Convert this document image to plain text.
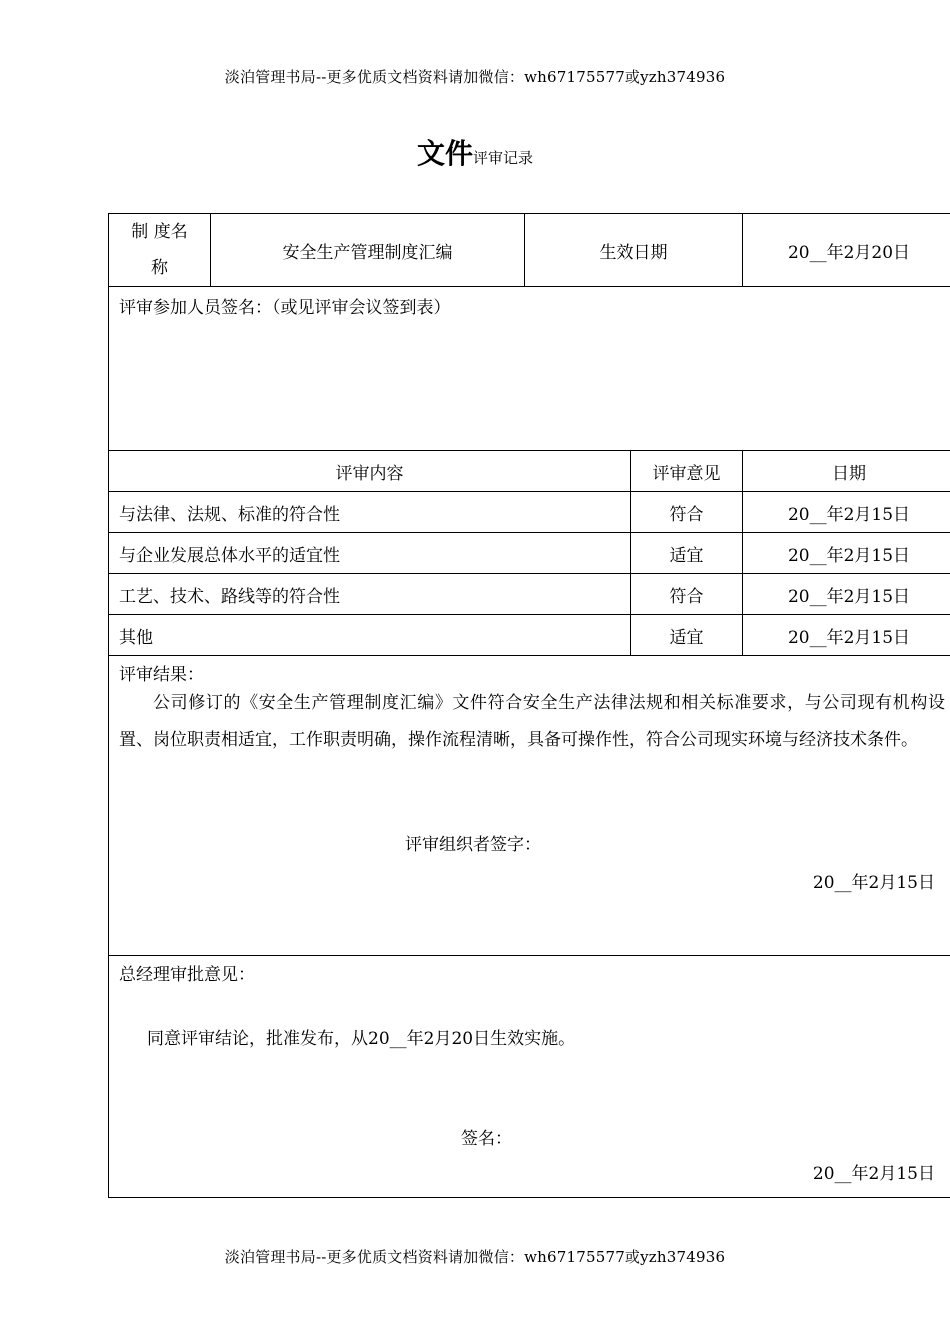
淡泊管理书局--更多优质文档资料请加微信：wh67175577或yzh374936
文件评审记录
制 度名
称	安全生产管理制度汇编	生效日期		20__年2月20日
评审参加人员签名：（或见评审会议签到表）				
评审内容			评审意见	日期
与法律、法规、标准的符合性			符合	20__年2月15日
与企业发展总体水平的适宜性			适宜	20__年2月15日
工艺、技术、路线等的符合性			符合	20__年2月15日
其他			适宜	20__年2月15日

评审结果：
公司修订的《安全生产管理制度汇编》文件符合安全生产法律法规和相关标准要求，与公司现有机构设置、岗位职责相适宜，工作职责明确，操作流程清晰，具备可操作性，符合公司现实环境与经济技术条件。
评审组织者签字：
20__年2月15日				

总经理审批意见：
同意评审结论，批准发布，从20__年2月20日生效实施。
签名：
20__年2月15日				
淡泊管理书局--更多优质文档资料请加微信：wh67175577或yzh374936
